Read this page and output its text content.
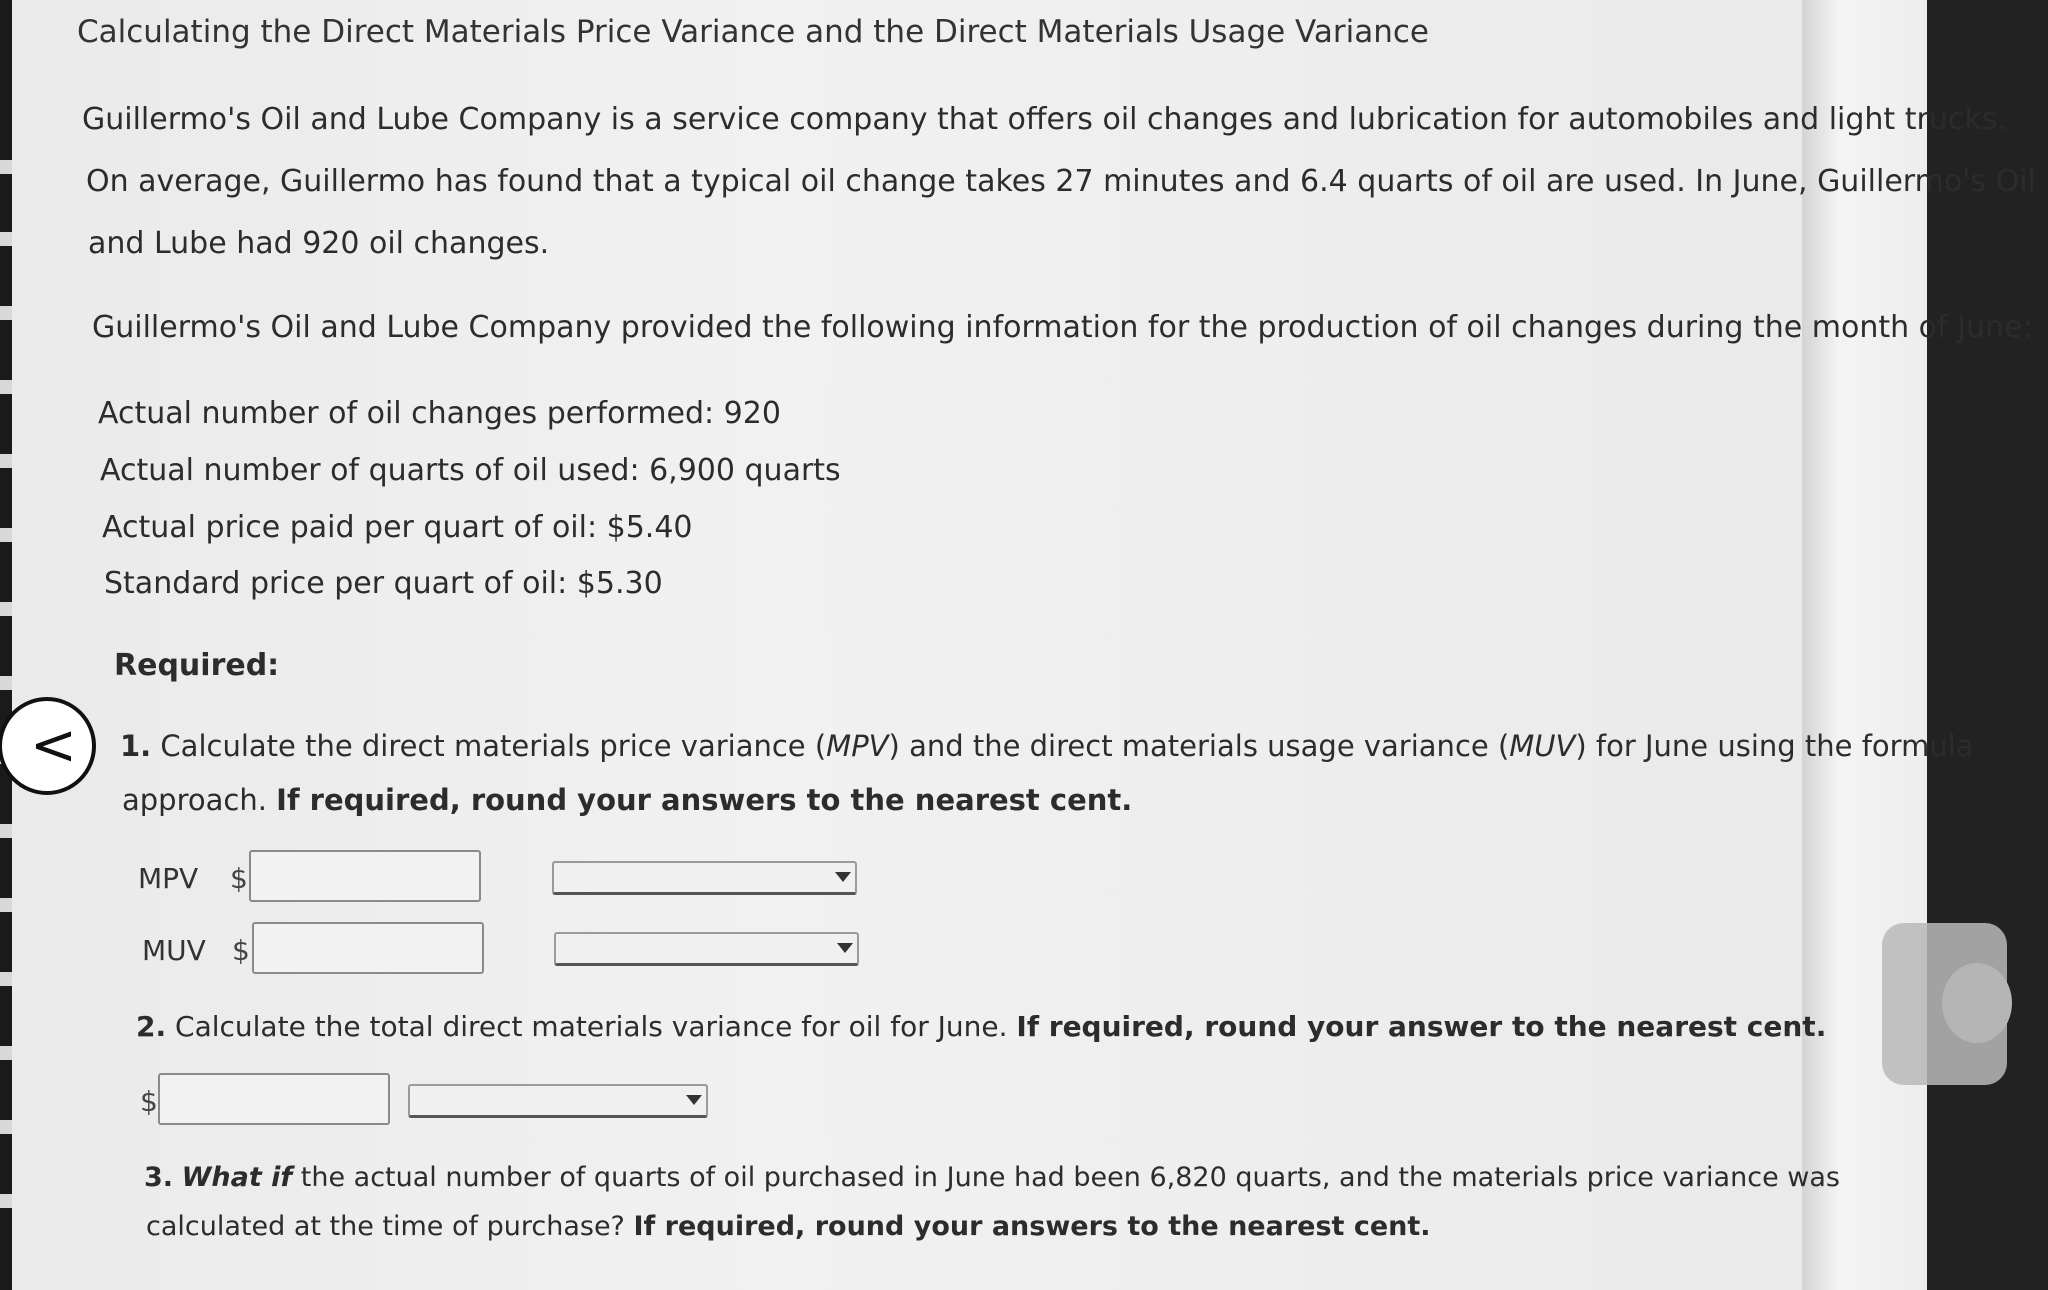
Calculating the Direct Materials Price Variance and the Direct Materials Usage Variance
Guillermo's Oil and Lube Company is a service company that offers oil changes and lubrication for automobiles and light trucks.
On average, Guillermo has found that a typical oil change takes 27 minutes and 6.4 quarts of oil are used. In June, Guillermo's Oil
and Lube had 920 oil changes.
Guillermo's Oil and Lube Company provided the following information for the production of oil changes during the month of June:
Actual number of oil changes performed: 920
Actual number of quarts of oil used: 6,900 quarts
Actual price paid per quart of oil: $5.40
Standard price per quart of oil: $5.30
Required:
1. Calculate the direct materials price variance (MPV) and the direct materials usage variance (MUV) for June using the formula
approach. If required, round your answers to the nearest cent.
MPV $
MUV $
2. Calculate the total direct materials variance for oil for June. If required, round your answer to the nearest cent.
$
3. What if the actual number of quarts of oil purchased in June had been 6,820 quarts, and the materials price variance was
calculated at the time of purchase? If required, round your answers to the nearest cent.
<
